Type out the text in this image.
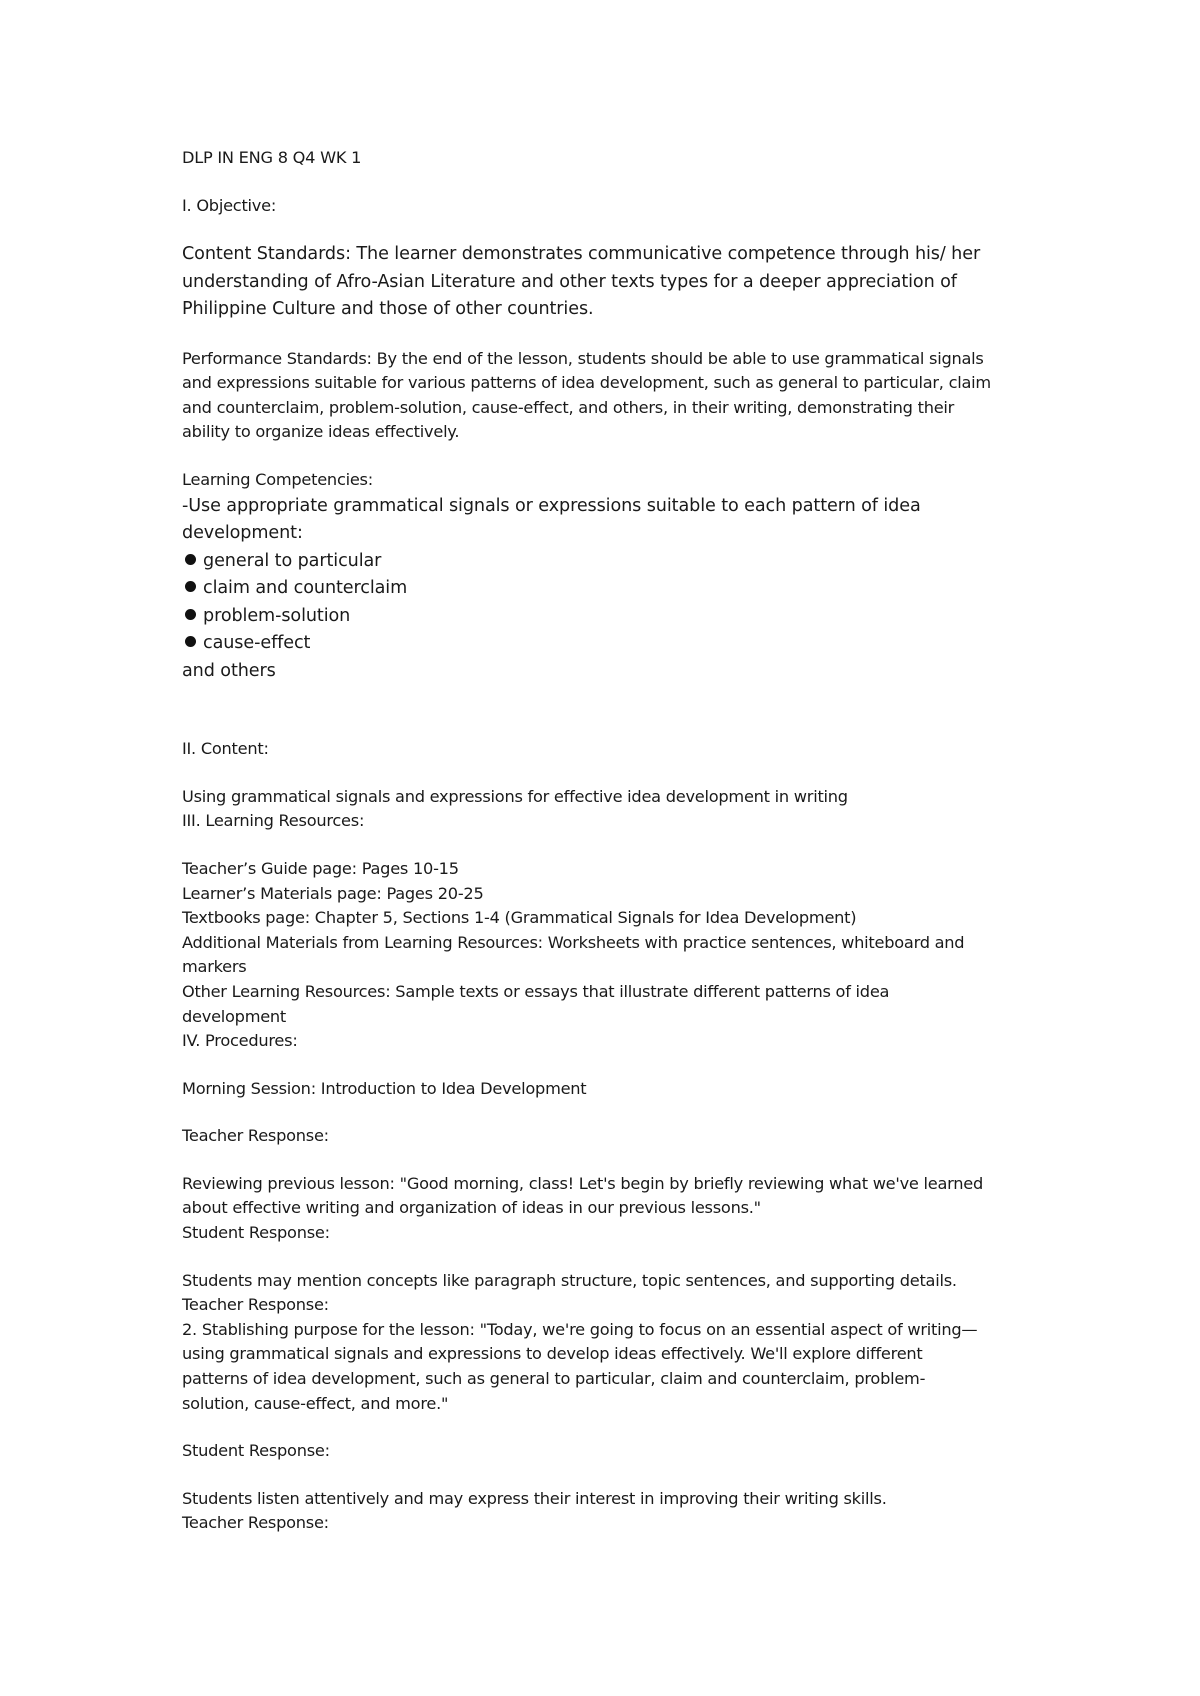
DLP IN ENG 8 Q4 WK 1

I. Objective:

Content Standards: The learner demonstrates communicative competence through his/ her

understanding of Afro-Asian Literature and other texts types for a deeper appreciation of

Philippine Culture and those of other countries.

Performance Standards: By the end of the lesson, students should be able to use grammatical signals

and expressions suitable for various patterns of idea development, such as general to particular, claim

and counterclaim, problem-solution, cause-effect, and others, in their writing, demonstrating their

ability to organize ideas effectively.

Learning Competencies:

-Use appropriate grammatical signals or expressions suitable to each pattern of idea

development:

general to particular

claim and counterclaim

problem-solution

cause-effect

and others

II. Content:

Using grammatical signals and expressions for effective idea development in writing

III. Learning Resources:

Teacher’s Guide page: Pages 10-15

Learner’s Materials page: Pages 20-25

Textbooks page: Chapter 5, Sections 1-4 (Grammatical Signals for Idea Development)

Additional Materials from Learning Resources: Worksheets with practice sentences, whiteboard and

markers

Other Learning Resources: Sample texts or essays that illustrate different patterns of idea

development

IV. Procedures:

Morning Session: Introduction to Idea Development

Teacher Response:

Reviewing previous lesson: "Good morning, class! Let's begin by briefly reviewing what we've learned

about effective writing and organization of ideas in our previous lessons."

Student Response:

Students may mention concepts like paragraph structure, topic sentences, and supporting details.

Teacher Response:

2. Stablishing purpose for the lesson: "Today, we're going to focus on an essential aspect of writing—

using grammatical signals and expressions to develop ideas effectively. We'll explore different

patterns of idea development, such as general to particular, claim and counterclaim, problem-

solution, cause-effect, and more."

Student Response:

Students listen attentively and may express their interest in improving their writing skills.

Teacher Response:
